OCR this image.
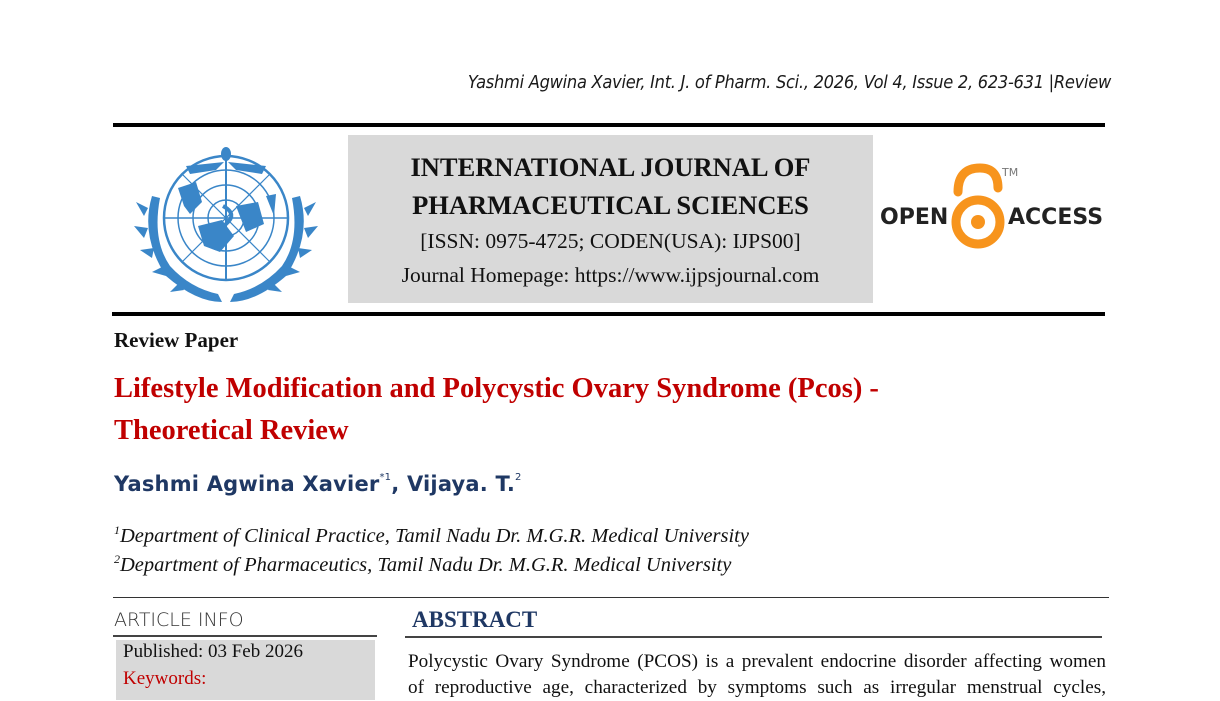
Yashmi Agwina Xavier, Int. J. of Pharm. Sci., 2026, Vol 4, Issue 2, 623-631 |Review
INTERNATIONAL JOURNAL OF
PHARMACEUTICAL SCIENCES
[ISSN: 0975-4725; CODEN(USA): IJPS00]
Journal Homepage: https://www.ijpsjournal.com
OPEN
TM
ACCESS
Review Paper
Lifestyle Modification and Polycystic Ovary Syndrome (Pcos) -
Theoretical Review
Yashmi Agwina Xavier$^{*1}$, Vijaya. T.$^2$
$^1$Department of Clinical Practice, Tamil Nadu Dr. M.G.R. Medical University
$^2$Department of Pharmaceutics, Tamil Nadu Dr. M.G.R. Medical University
ARTICLE INFO
Published: 03 Feb 2026
Keywords:
ABSTRACT
Polycystic Ovary Syndrome (PCOS) is a prevalent endocrine disorder affecting women
of reproductive age, characterized by symptoms such as irregular menstrual cycles,
